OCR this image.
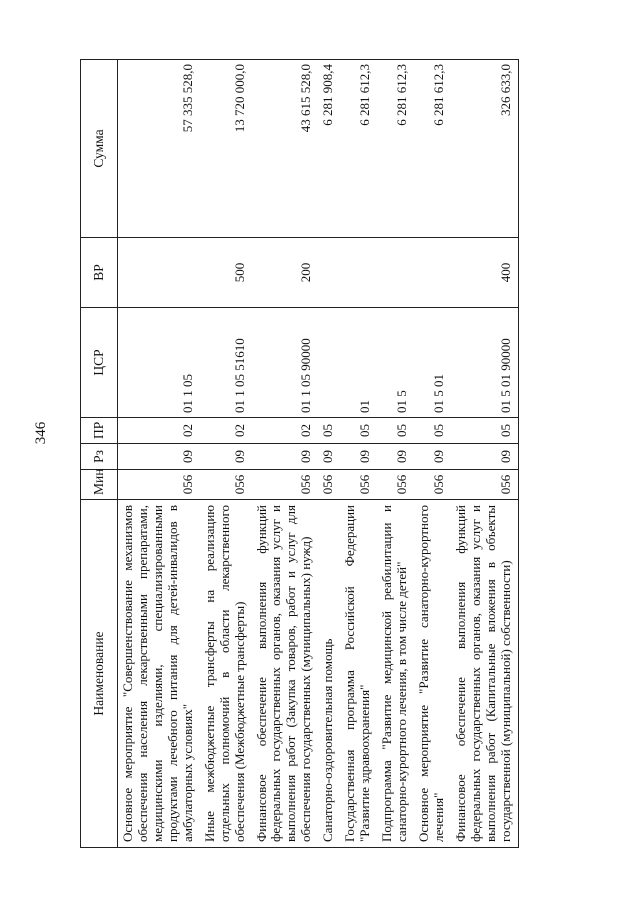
346
Наименование	Мин	Рз	ПР	ЦСР	ВР	Сумма
Основное мероприятие "Совершенствование механизмов обеспечения населения лекарственными препаратами, медицинскими изделиями, специализированными продуктами лечебного питания для детей-инвалидов в амбулаторных условиях"	056	09	02	01 1 05		57 335 528,0
Иные межбюджетные трансферты на реализацию отдельных полномочий в области лекарственного обеспечения (Межбюджетные трансферты)	056	09	02	01 1 05 51610	500	13 720 000,0
Финансовое обеспечение выполнения функций федеральных государственных органов, оказания услуг и выполнения работ (Закупка товаров, работ и услуг для обеспечения государственных (муниципальных) нужд)	056	09	02	01 1 05 90000	200	43 615 528,0
Санаторно-оздоровительная помощь	056	09	05			6 281 908,4
Государственная программа Российской Федерации "Развитие здравоохранения"	056	09	05	01		6 281 612,3
Подпрограмма "Развитие медицинской реабилитации и санаторно-курортного лечения, в том числе детей"	056	09	05	01 5		6 281 612,3
Основное мероприятие "Развитие санаторно-курортного лечения"	056	09	05	01 5 01		6 281 612,3
Финансовое обеспечение выполнения функций федеральных государственных органов, оказания услуг и выполнения работ (Капитальные вложения в объекты государственной (муниципальной) собственности)	056	09	05	01 5 01 90000	400	326 633,0
